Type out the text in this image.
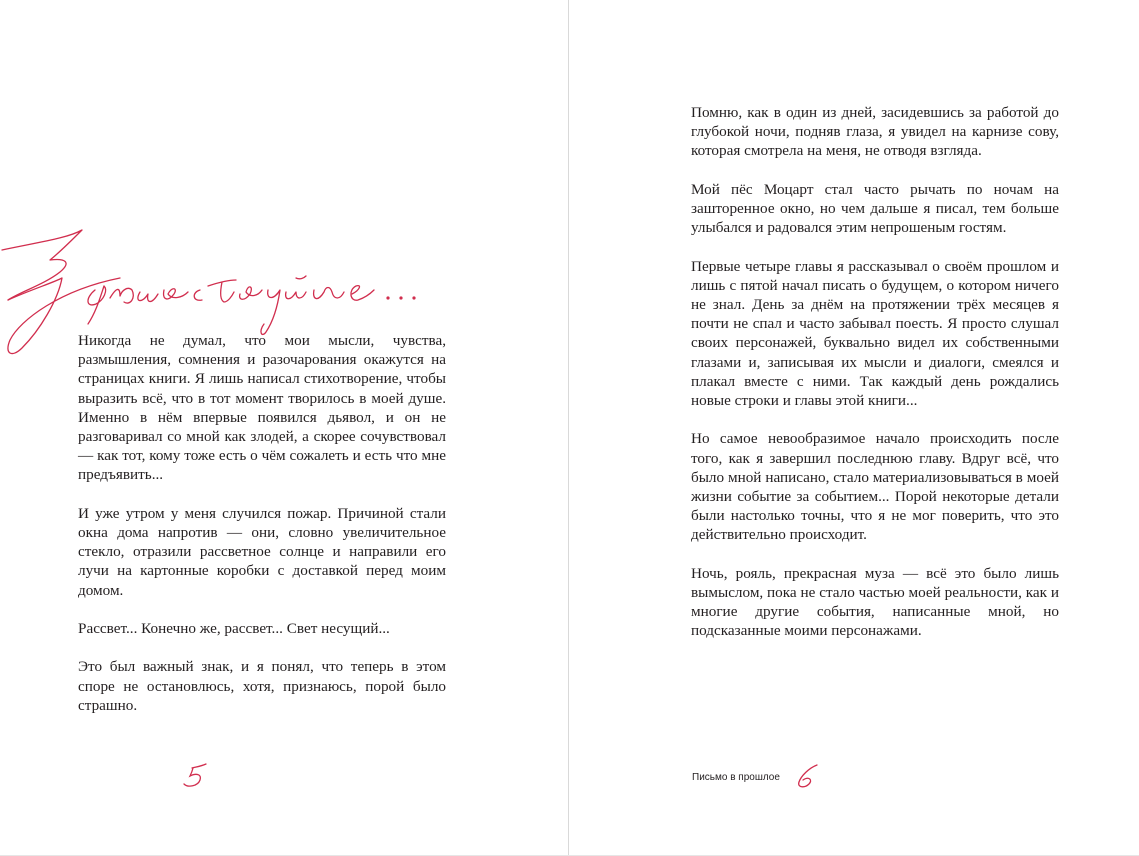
Никогда не думал, что мои мысли, чувства, размышления, сомнения и разочарования окажутся на страницах книги. Я лишь написал стихотворение, чтобы выразить всё, что в тот момент творилось в моей душе. Именно в нём впервые появился дьявол, и он не разговаривал со мной как злодей, а скорее сочувствовал — как тот, кому тоже есть о чём сожалеть и есть что мне предъявить...

И уже утром у меня случился пожар. Причиной стали окна дома напротив — они, словно увеличительное стекло, отразили рассветное солнце и направили его лучи на картонные коробки с доставкой перед моим домом.

Рассвет... Конечно же, рассвет... Свет несущий...

Это был важный знак, и я понял, что теперь в этом споре не остановлюсь, хотя, признаюсь, порой было страшно.

Помню, как в один из дней, засидевшись за работой до глубокой ночи, подняв глаза, я увидел на карнизе сову, которая смотрела на меня, не отводя взгляда.

Мой пёс Моцарт стал часто рычать по ночам на зашторенное окно, но чем дальше я писал, тем больше улыбался и радовался этим непрошеным гостям.

Первые четыре главы я рассказывал о своём прошлом и лишь с пятой начал писать о будущем, о котором ничего не знал. День за днём на протяжении трёх месяцев я почти не спал и часто забывал поесть. Я просто слушал своих персонажей, буквально видел их собственными глазами и, записывая их мысли и диалоги, смеялся и плакал вместе с ними. Так каждый день рождались новые строки и главы этой книги...

Но самое невообразимое начало происходить после того, как я завершил последнюю главу. Вдруг всё, что было мной написано, стало материализовываться в моей жизни событие за событием... Порой некоторые детали были настолько точны, что я не мог поверить, что это действительно происходит.

Ночь, рояль, прекрасная муза — всё это было лишь вымыслом, пока не стало частью моей реальности, как и многие другие события, написанные мной, но подсказанные моими персонажами.

Письмо в прошлое
